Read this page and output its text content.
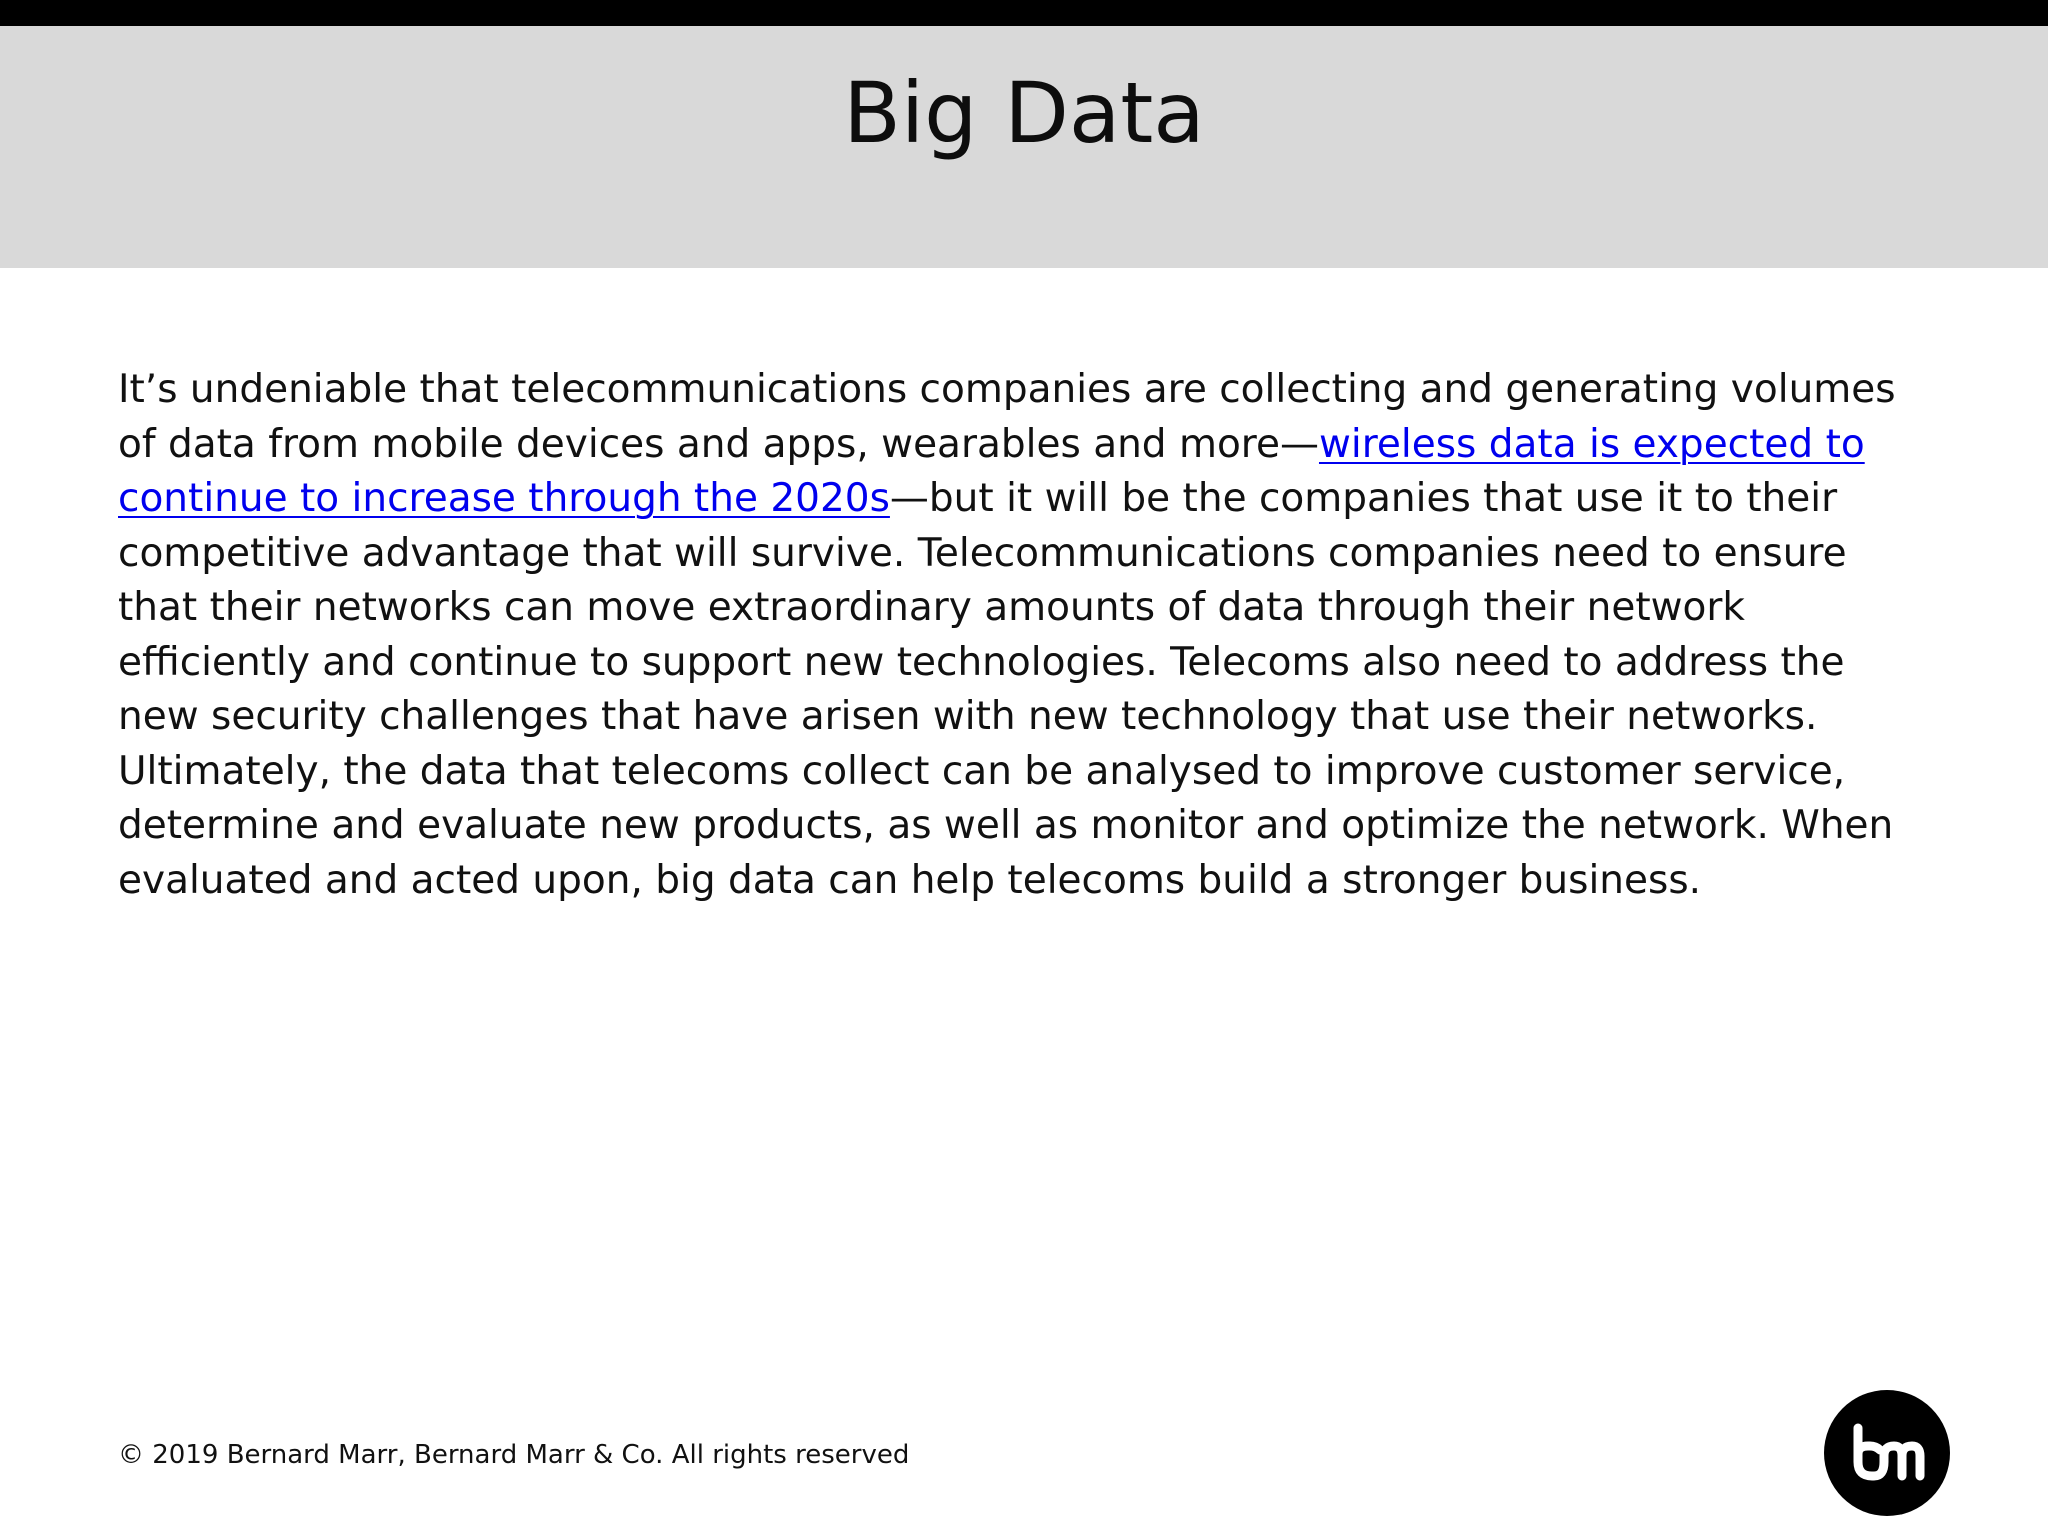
Big Data
It’s undeniable that telecommunications companies are collecting and generating volumes of data from mobile devices and apps, wearables and more—wireless data is expected to continue to increase through the 2020s—but it will be the companies that use it to their competitive advantage that will survive. Telecommunications companies need to ensure that their networks can move extraordinary amounts of data through their network efficiently and continue to support new technologies. Telecoms also need to address the new security challenges that have arisen with new technology that use their networks. Ultimately, the data that telecoms collect can be analysed to improve customer service, determine and evaluate new products, as well as monitor and optimize the network. When evaluated and acted upon, big data can help telecoms build a stronger business.
© 2019 Bernard Marr, Bernard Marr & Co. All rights reserved
